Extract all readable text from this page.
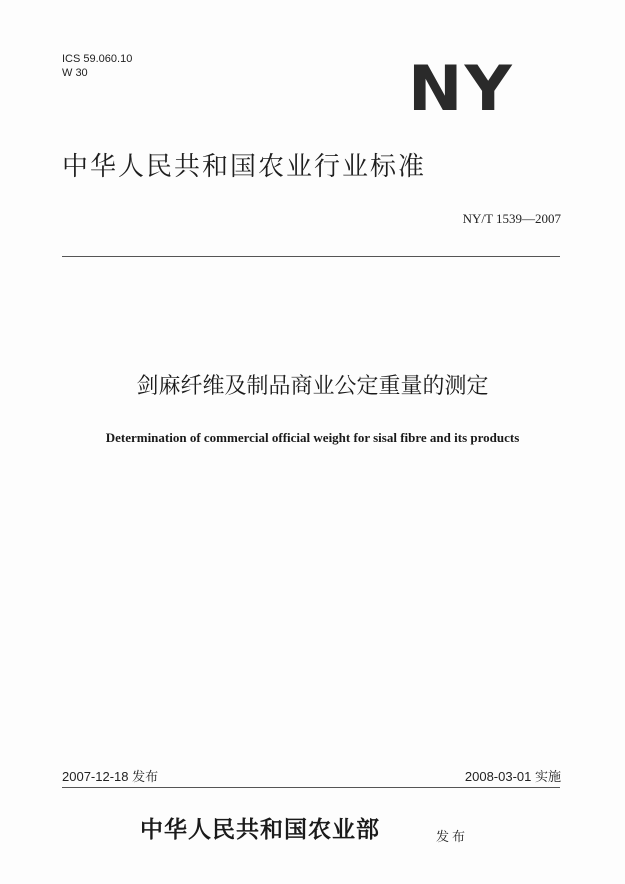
ICS 59.060.10
W 30	NY
中华人民共和国农业行业标准
NY/T 1539—2007
剑麻纤维及制品商业公定重量的测定
Determination of commercial official weight for sisal fibre and its products
2007-12-18 发布	2008-03-01 实施
中华人民共和国农业部	发布
